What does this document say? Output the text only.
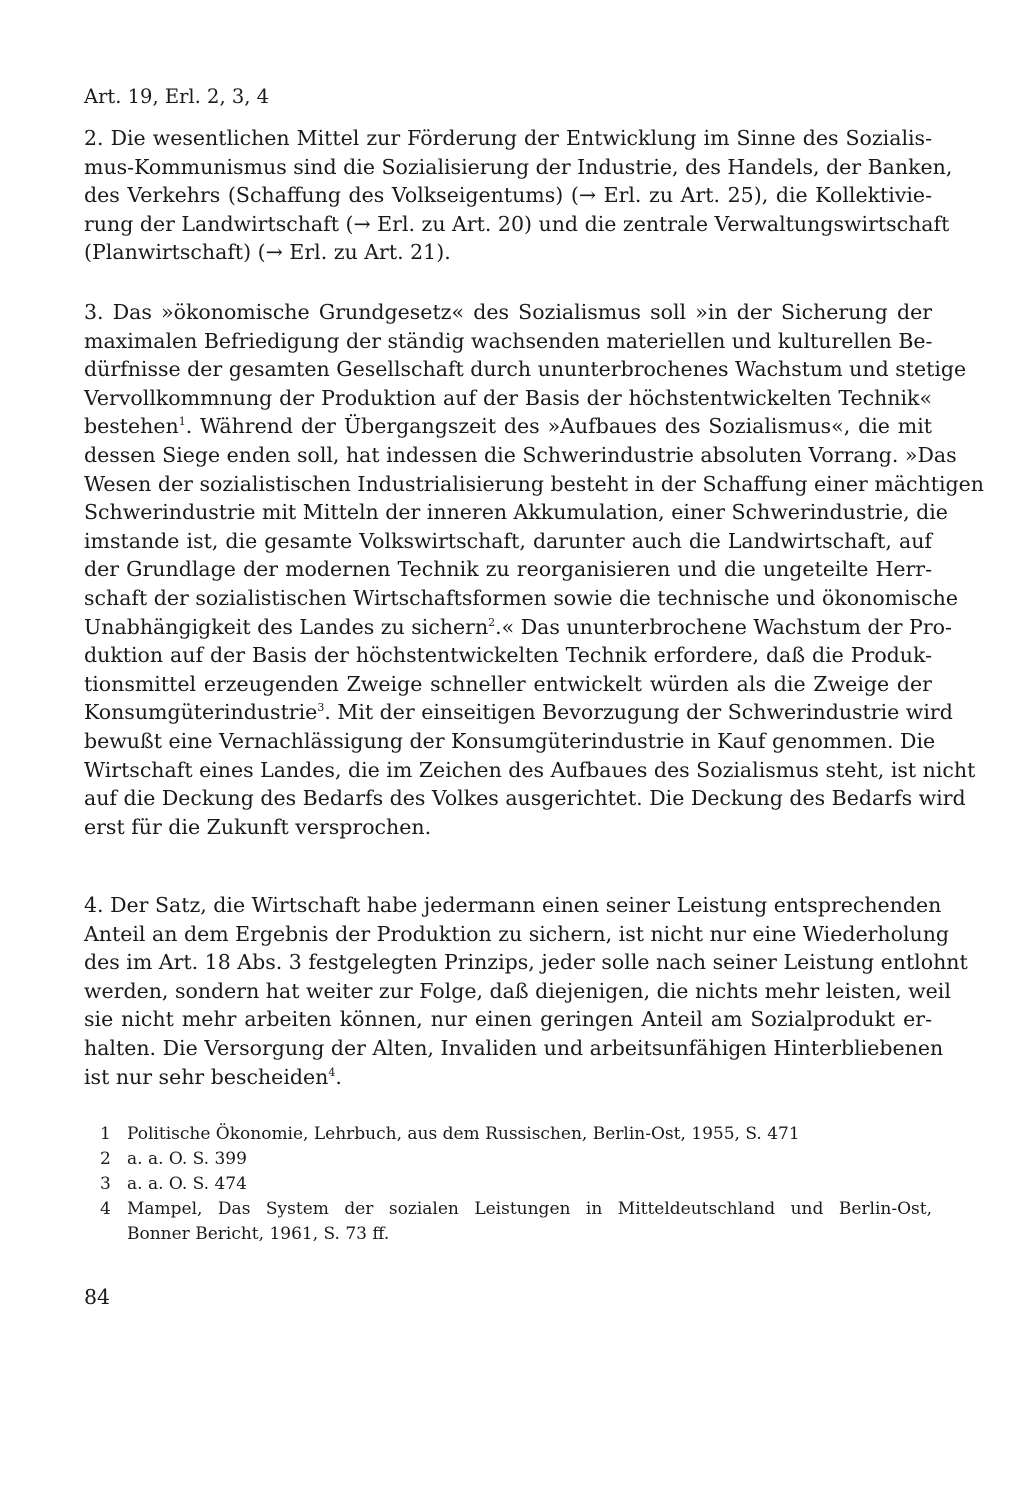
Art. 19, Erl. 2, 3, 4
2. Die wesentlichen Mittel zur Förderung der Entwicklung im Sinne des Sozialis-
mus-Kommunismus sind die Sozialisierung der Industrie, des Handels, der Banken,
des Verkehrs (Schaffung des Volkseigentums) (→ Erl. zu Art. 25), die Kollektivie-
rung der Landwirtschaft (→ Erl. zu Art. 20) und die zentrale Verwaltungswirtschaft
(Planwirtschaft) (→ Erl. zu Art. 21).
3. Das »ökonomische Grundgesetz« des Sozialismus soll »in der Sicherung der
maximalen Befriedigung der ständig wachsenden materiellen und kulturellen Be-
dürfnisse der gesamten Gesellschaft durch ununterbrochenes Wachstum und stetige
Vervollkommnung der Produktion auf der Basis der höchstentwickelten Technik«
bestehen$^1$. Während der Übergangszeit des »Aufbaues des Sozialismus«, die mit
dessen Siege enden soll, hat indessen die Schwerindustrie absoluten Vorrang. »Das
Wesen der sozialistischen Industrialisierung besteht in der Schaffung einer mächtigen
Schwerindustrie mit Mitteln der inneren Akkumulation, einer Schwerindustrie, die
imstande ist, die gesamte Volkswirtschaft, darunter auch die Landwirtschaft, auf
der Grundlage der modernen Technik zu reorganisieren und die ungeteilte Herr-
schaft der sozialistischen Wirtschaftsformen sowie die technische und ökonomische
Unabhängigkeit des Landes zu sichern$^2$.« Das ununterbrochene Wachstum der Pro-
duktion auf der Basis der höchstentwickelten Technik erfordere, daß die Produk-
tionsmittel erzeugenden Zweige schneller entwickelt würden als die Zweige der
Konsumgüterindustrie$^3$. Mit der einseitigen Bevorzugung der Schwerindustrie wird
bewußt eine Vernachlässigung der Konsumgüterindustrie in Kauf genommen. Die
Wirtschaft eines Landes, die im Zeichen des Aufbaues des Sozialismus steht, ist nicht
auf die Deckung des Bedarfs des Volkes ausgerichtet. Die Deckung des Bedarfs wird
erst für die Zukunft versprochen.
4. Der Satz, die Wirtschaft habe jedermann einen seiner Leistung entsprechenden
Anteil an dem Ergebnis der Produktion zu sichern, ist nicht nur eine Wiederholung
des im Art. 18 Abs. 3 festgelegten Prinzips, jeder solle nach seiner Leistung entlohnt
werden, sondern hat weiter zur Folge, daß diejenigen, die nichts mehr leisten, weil
sie nicht mehr arbeiten können, nur einen geringen Anteil am Sozialprodukt er-
halten. Die Versorgung der Alten, Invaliden und arbeitsunfähigen Hinterbliebenen
ist nur sehr bescheiden$^4$.
1 Politische Ökonomie, Lehrbuch, aus dem Russischen, Berlin-Ost, 1955, S. 471
2 a. a. O. S. 399
3 a. a. O. S. 474
4 Mampel, Das System der sozialen Leistungen in Mitteldeutschland und Berlin-Ost,
Bonner Bericht, 1961, S. 73 ff.
84
